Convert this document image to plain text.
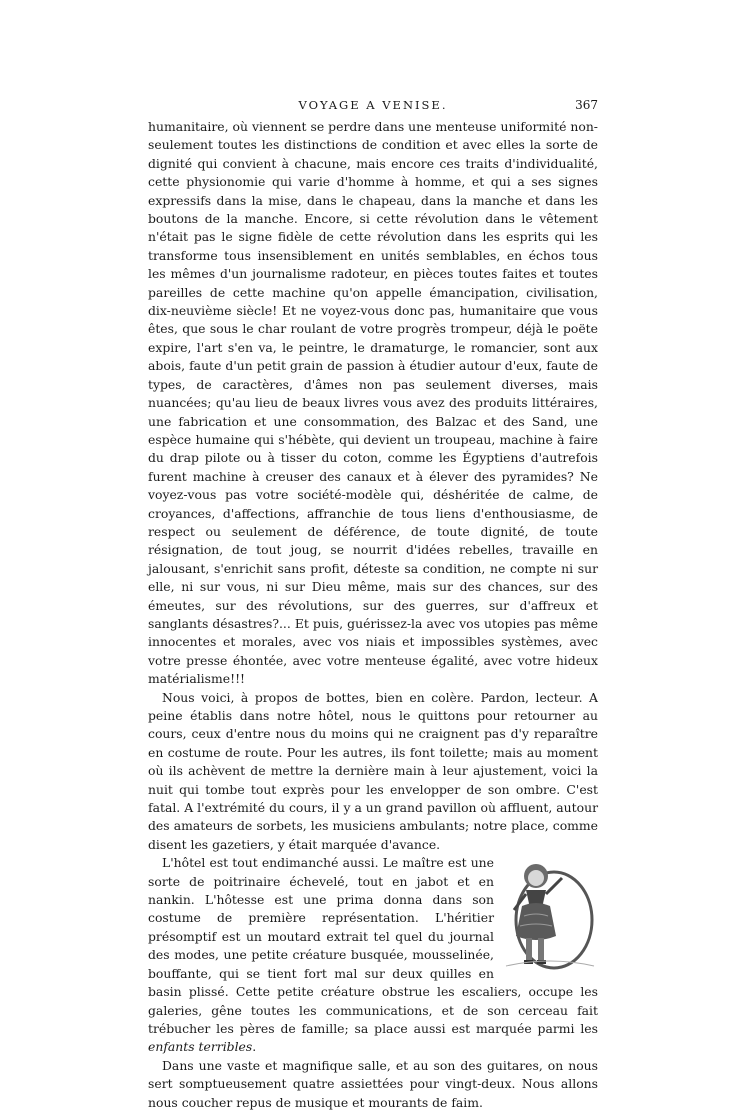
VOYAGE A VENISE.	367

humanitaire, où viennent se perdre dans une menteuse uniformité non-seulement toutes les distinctions de condition et avec elles la sorte de dignité qui convient à chacune, mais encore ces traits d'individualité, cette physionomie qui varie d'homme à homme, et qui a ses signes expressifs dans la mise, dans le chapeau, dans la manche et dans les boutons de la manche. Encore, si cette révolution dans le vêtement n'était pas le signe fidèle de cette révolution dans les esprits qui les transforme tous insensiblement en unités semblables, en échos tous les mêmes d'un journalisme radoteur, en pièces toutes faites et toutes pareilles de cette machine qu'on appelle émancipation, civilisation, dix-neuvième siècle! Et ne voyez-vous donc pas, humanitaire que vous êtes, que sous le char roulant de votre progrès trompeur, déjà le poëte expire, l'art s'en va, le peintre, le dramaturge, le romancier, sont aux abois, faute d'un petit grain de passion à étudier autour d'eux, faute de types, de caractères, d'âmes non pas seulement diverses, mais nuancées; qu'au lieu de beaux livres vous avez des produits littéraires, une fabrication et une consommation, des Balzac et des Sand, une espèce humaine qui s'hébète, qui devient un troupeau, machine à faire du drap pilote ou à tisser du coton, comme les Égyptiens d'autrefois furent machine à creuser des canaux et à élever des pyramides? Ne voyez-vous pas votre société-modèle qui, déshéritée de calme, de croyances, d'affections, affranchie de tous liens d'enthousiasme, de respect ou seulement de déférence, de toute dignité, de toute résignation, de tout joug, se nourrit d'idées rebelles, travaille en jalousant, s'enrichit sans profit, déteste sa condition, ne compte ni sur elle, ni sur vous, ni sur Dieu même, mais sur des chances, sur des émeutes, sur des révolutions, sur des guerres, sur d'affreux et sanglants désastres?... Et puis, guérissez-la avec vos utopies pas même innocentes et morales, avec vos niais et impossibles systèmes, avec votre presse éhontée, avec votre menteuse égalité, avec votre hideux matérialisme!!!

Nous voici, à propos de bottes, bien en colère. Pardon, lecteur. A peine établis dans notre hôtel, nous le quittons pour retourner au cours, ceux d'entre nous du moins qui ne craignent pas d'y reparaître en costume de route. Pour les autres, ils font toilette; mais au moment où ils achèvent de mettre la dernière main à leur ajustement, voici la nuit qui tombe tout exprès pour les envelopper de son ombre. C'est fatal. A l'extrémité du cours, il y a un grand pavillon où affluent, autour des amateurs de sorbets, les musiciens ambulants; notre place, comme disent les gazetiers, y était marquée d'avance.

L'hôtel est tout endimanché aussi. Le maître est une sorte de poitrinaire échevelé, tout en jabot et en nankin. L'hôtesse est une prima donna dans son costume de première représentation. L'héritier présomptif est un moutard extrait tel quel du journal des modes, une petite créature busquée, mousselinée, bouffante, qui se tient fort mal sur deux quilles en basin plissé. Cette petite créature obstrue les escaliers, occupe les galeries, gêne toutes les communications, et de son cerceau fait trébucher les pères de famille; sa place aussi est marquée parmi les enfants terribles.

Dans une vaste et magnifique salle, et au son des guitares, on nous sert somptueusement quatre assiettées pour vingt-deux. Nous allons nous coucher repus de musique et mourants de faim.
